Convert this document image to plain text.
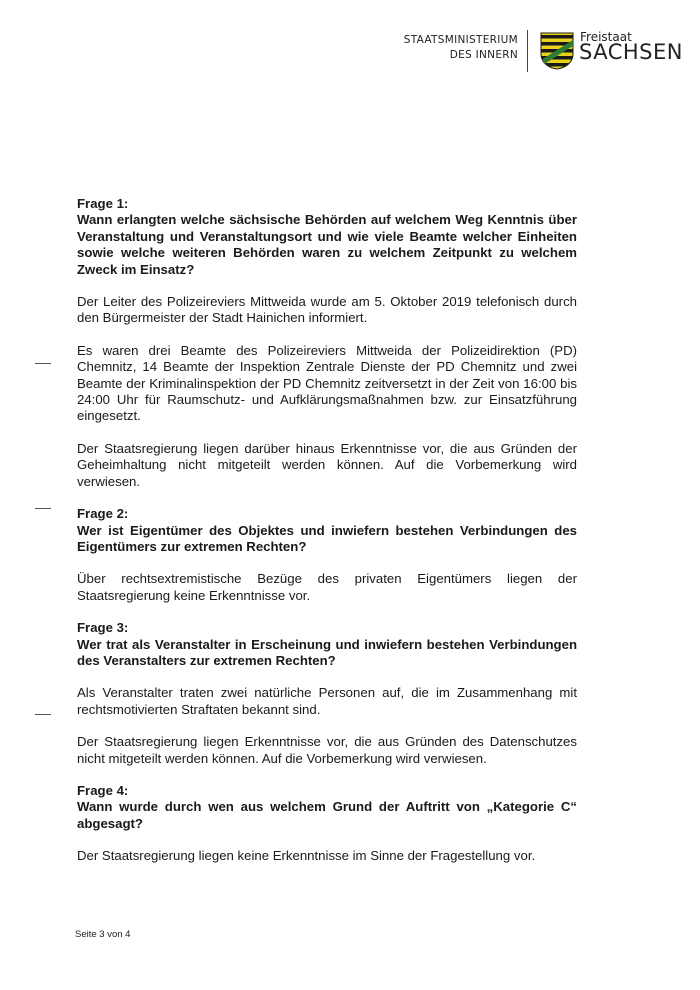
STAATSMINISTERIUM
DES INNERN
Freistaat
SACHSEN
Frage 1:
Wann erlangten welche sächsische Behörden auf welchem Weg Kenntnis über Veranstaltung und Veranstaltungsort und wie viele Beamte welcher Einheiten sowie welche weiteren Behörden waren zu welchem Zeitpunkt zu welchem Zweck im Einsatz?

Der Leiter des Polizeireviers Mittweida wurde am 5. Oktober 2019 telefonisch durch den Bürgermeister der Stadt Hainichen informiert.

Es waren drei Beamte des Polizeireviers Mittweida der Polizeidirektion (PD) Chemnitz, 14 Beamte der Inspektion Zentrale Dienste der PD Chemnitz und zwei Beamte der Kriminalinspektion der PD Chemnitz zeitversetzt in der Zeit von 16:00 bis 24:00 Uhr für Raumschutz- und Aufklärungsmaßnahmen bzw. zur Einsatzführung eingesetzt.

Der Staatsregierung liegen darüber hinaus Erkenntnisse vor, die aus Gründen der Geheimhaltung nicht mitgeteilt werden können. Auf die Vorbemerkung wird verwiesen.

Frage 2:
Wer ist Eigentümer des Objektes und inwiefern bestehen Verbindungen des Eigentümers zur extremen Rechten?

Über rechtsextremistische Bezüge des privaten Eigentümers liegen der Staatsregierung keine Erkenntnisse vor.

Frage 3:
Wer trat als Veranstalter in Erscheinung und inwiefern bestehen Verbindungen des Veranstalters zur extremen Rechten?

Als Veranstalter traten zwei natürliche Personen auf, die im Zusammenhang mit rechtsmotivierten Straftaten bekannt sind.

Der Staatsregierung liegen Erkenntnisse vor, die aus Gründen des Datenschutzes nicht mitgeteilt werden können. Auf die Vorbemerkung wird verwiesen.

Frage 4:
Wann wurde durch wen aus welchem Grund der Auftritt von „Kategorie C“ abgesagt?

Der Staatsregierung liegen keine Erkenntnisse im Sinne der Fragestellung vor.

Seite 3 von 4
